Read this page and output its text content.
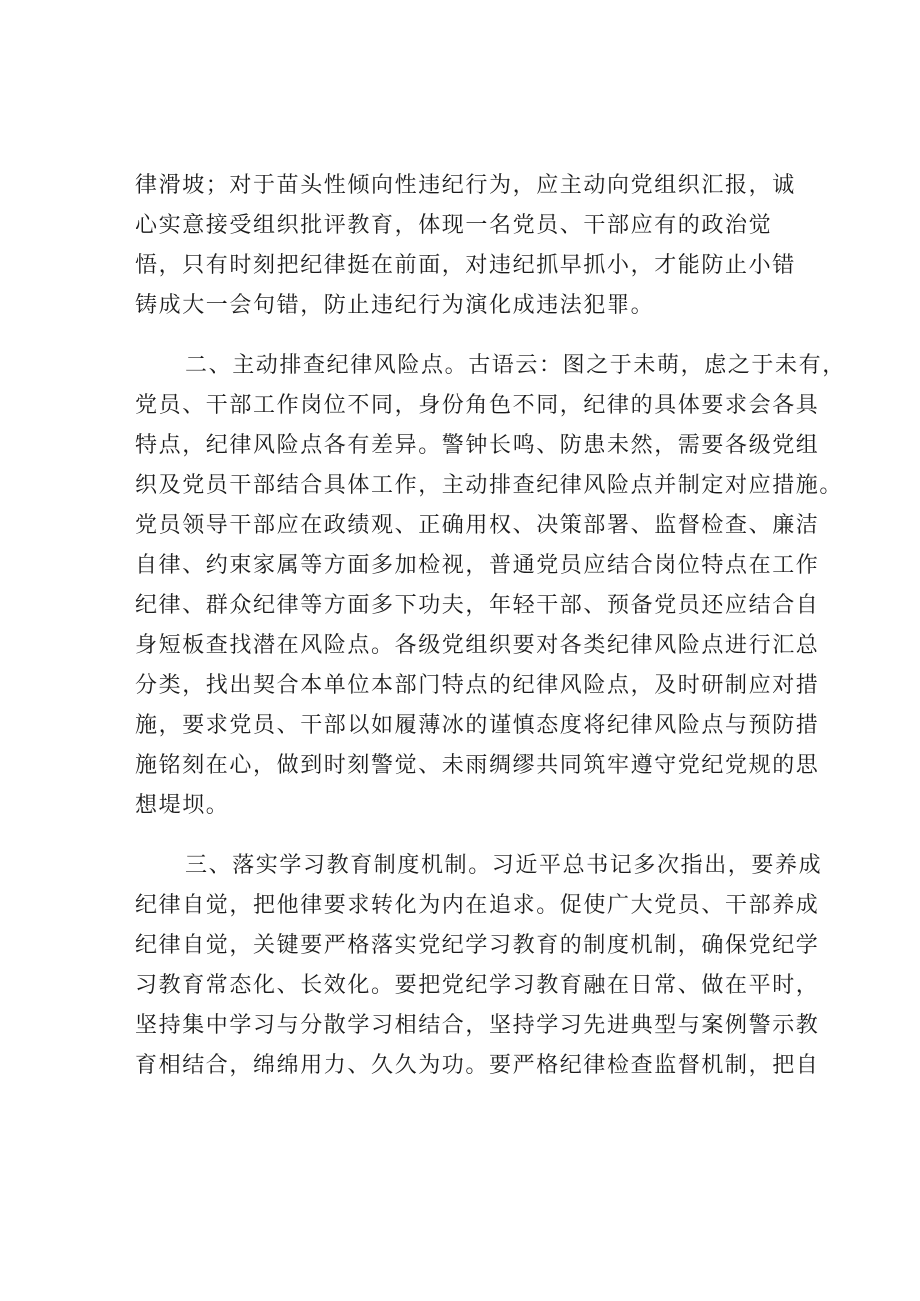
律滑坡；对于苗头性倾向性违纪行为，应主动向党组织汇报，诚
心实意接受组织批评教育，体现一名党员、干部应有的政治觉
悟，只有时刻把纪律挺在前面，对违纪抓早抓小，才能防止小错
铸成大一会句错，防止违纪行为演化成违法犯罪。
二、主动排查纪律风险点。古语云：图之于未萌，虑之于未有，
党员、干部工作岗位不同，身份角色不同，纪律的具体要求会各具
特点，纪律风险点各有差异。警钟长鸣、防患未然，需要各级党组
织及党员干部结合具体工作，主动排查纪律风险点并制定对应措施。
党员领导干部应在政绩观、正确用权、决策部署、监督检查、廉洁
自律、约束家属等方面多加检视，普通党员应结合岗位特点在工作
纪律、群众纪律等方面多下功夫，年轻干部、预备党员还应结合自
身短板查找潜在风险点。各级党组织要对各类纪律风险点进行汇总
分类，找出契合本单位本部门特点的纪律风险点，及时研制应对措
施，要求党员、干部以如履薄冰的谨慎态度将纪律风险点与预防措
施铭刻在心，做到时刻警觉、未雨绸缪共同筑牢遵守党纪党规的思
想堤坝。
三、落实学习教育制度机制。习近平总书记多次指出，要养成
纪律自觉，把他律要求转化为内在追求。促使广大党员、干部养成
纪律自觉，关键要严格落实党纪学习教育的制度机制，确保党纪学
习教育常态化、长效化。要把党纪学习教育融在日常、做在平时，
坚持集中学习与分散学习相结合，坚持学习先进典型与案例警示教
育相结合，绵绵用力、久久为功。要严格纪律检查监督机制，把自
